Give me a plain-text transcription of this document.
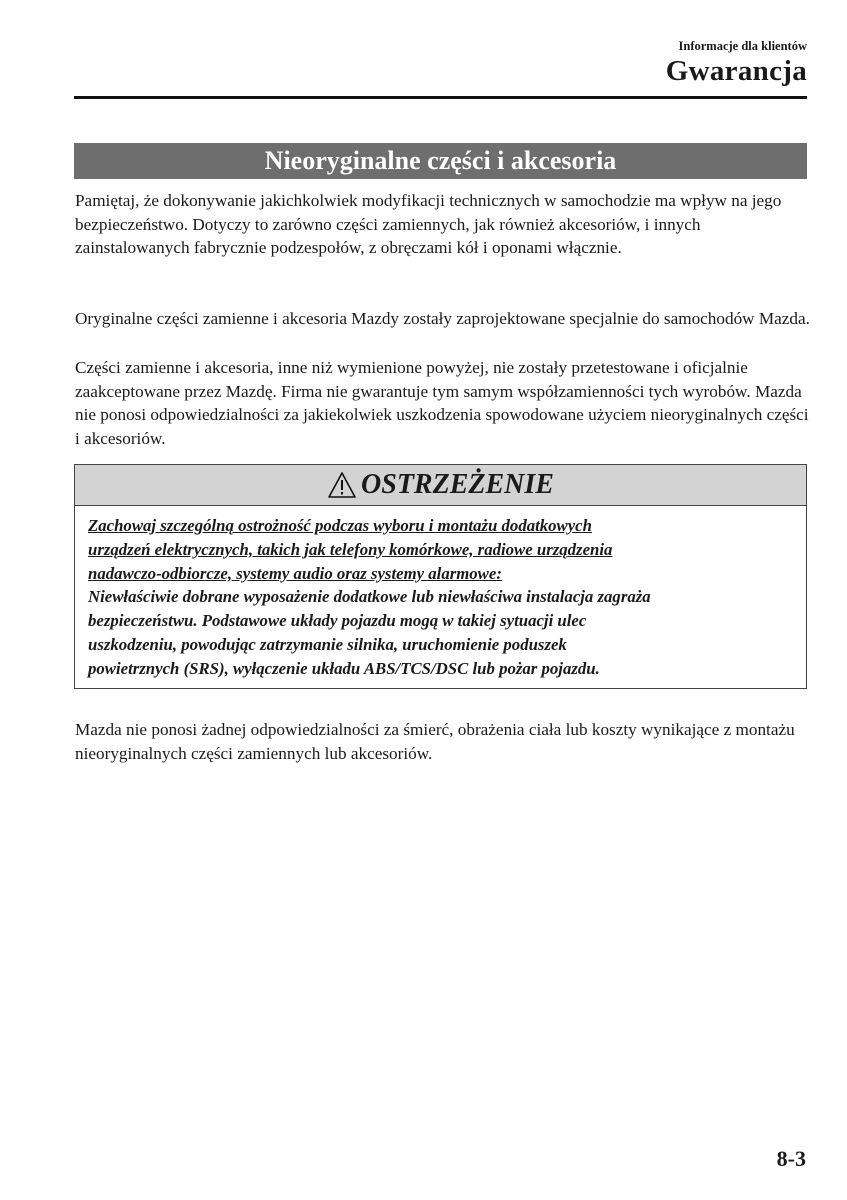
Informacje dla klientów
Gwarancja
Nieoryginalne części i akcesoria

Pamiętaj, że dokonywanie jakichkolwiek modyfikacji technicznych w samochodzie ma wpływ na jego bezpieczeństwo. Dotyczy to zarówno części zamiennych, jak również akcesoriów, i innych zainstalowanych fabrycznie podzespołów, z obręczami kół i oponami włącznie.

Oryginalne części zamienne i akcesoria Mazdy zostały zaprojektowane specjalnie do samochodów Mazda.

Części zamienne i akcesoria, inne niż wymienione powyżej, nie zostały przetestowane i oficjalnie zaakceptowane przez Mazdę. Firma nie gwarantuje tym samym współzamienności tych wyrobów. Mazda nie ponosi odpowiedzialności za jakiekolwiek uszkodzenia spowodowane użyciem nieoryginalnych części i akcesoriów.

OSTRZEŻENIE
Zachowaj szczególną ostrożność podczas wyboru i montażu dodatkowych
urządzeń elektrycznych, takich jak telefony komórkowe, radiowe urządzenia
nadawczo-odbiorcze, systemy audio oraz systemy alarmowe:
Niewłaściwie dobrane wyposażenie dodatkowe lub niewłaściwa instalacja zagraża
bezpieczeństwu. Podstawowe układy pojazdu mogą w takiej sytuacji ulec
uszkodzeniu, powodując zatrzymanie silnika, uruchomienie poduszek
powietrznych (SRS), wyłączenie układu ABS/TCS/DSC lub pożar pojazdu.

Mazda nie ponosi żadnej odpowiedzialności za śmierć, obrażenia ciała lub koszty wynikające z montażu nieoryginalnych części zamiennych lub akcesoriów.

8-3
